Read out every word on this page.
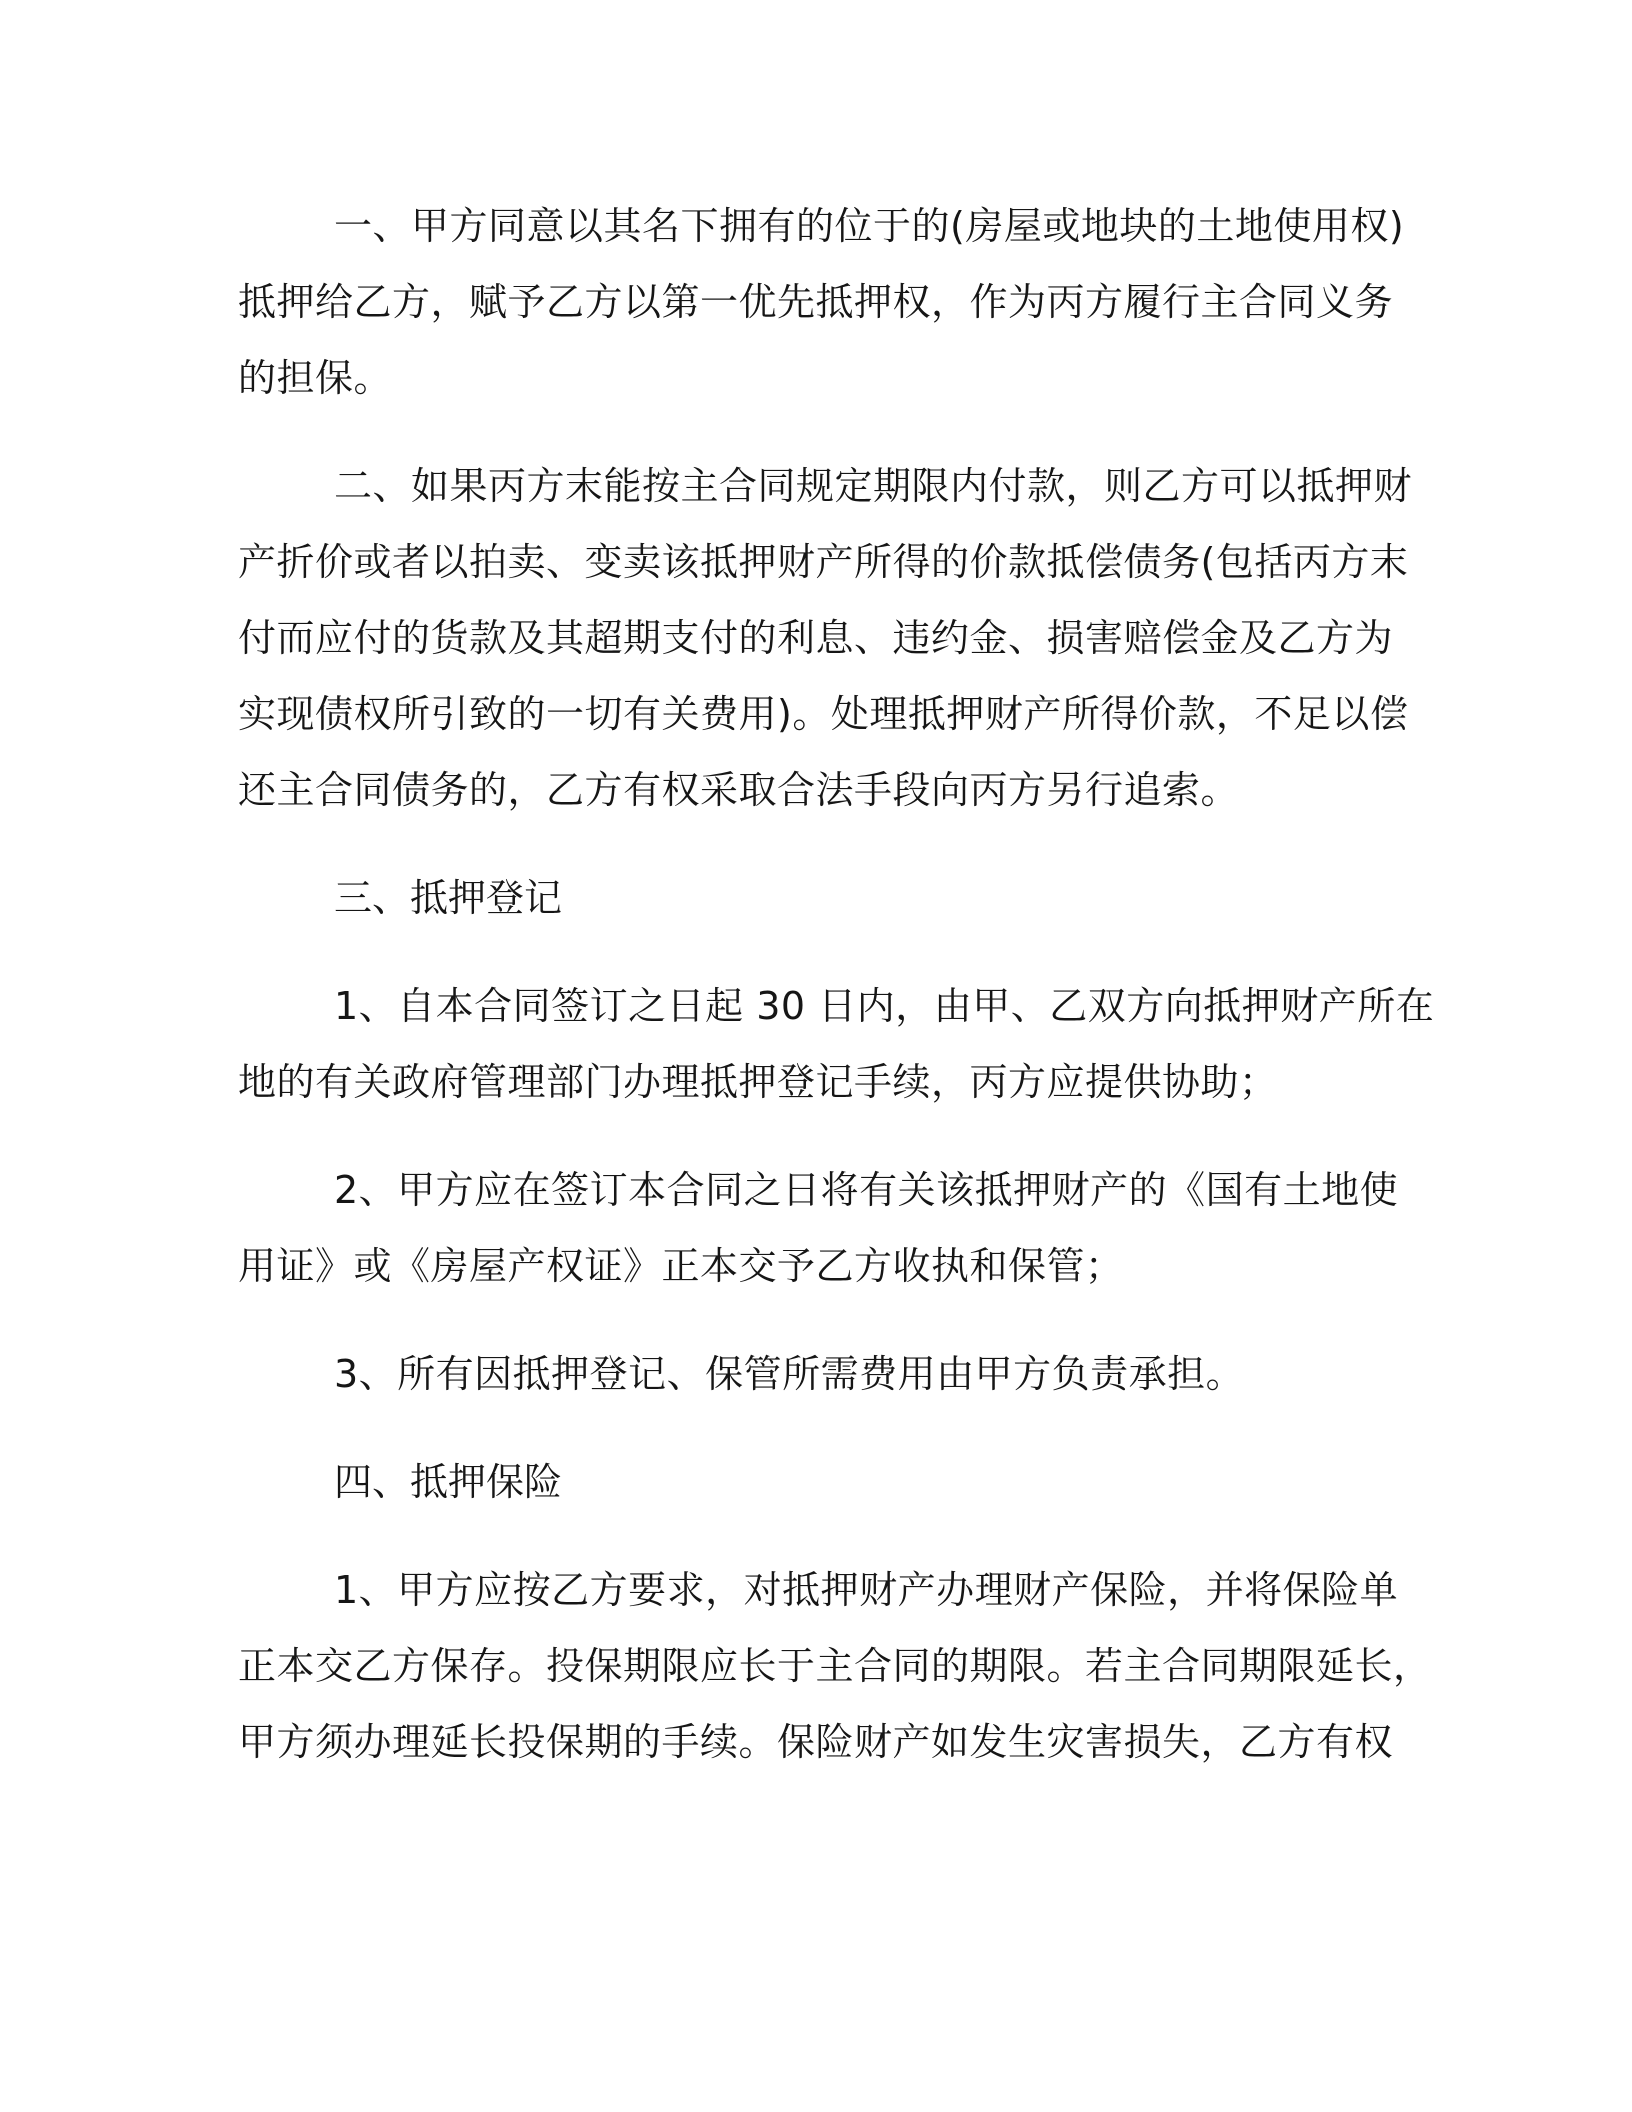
一、甲方同意以其名下拥有的位于的(房屋或地块的土地使用权)
抵押给乙方，赋予乙方以第一优先抵押权，作为丙方履行主合同义务
的担保。

二、如果丙方末能按主合同规定期限内付款，则乙方可以抵押财
产折价或者以拍卖、变卖该抵押财产所得的价款抵偿债务(包括丙方末
付而应付的货款及其超期支付的利息、违约金、损害赔偿金及乙方为
实现债权所引致的一切有关费用)。处理抵押财产所得价款，不足以偿
还主合同债务的，乙方有权采取合法手段向丙方另行追索。

三、抵押登记

1、自本合同签订之日起 30 日内，由甲、乙双方向抵押财产所在
地的有关政府管理部门办理抵押登记手续，丙方应提供协助；

2、甲方应在签订本合同之日将有关该抵押财产的《国有土地使
用证》或《房屋产权证》正本交予乙方收执和保管；

3、所有因抵押登记、保管所需费用由甲方负责承担。

四、抵押保险

1、甲方应按乙方要求，对抵押财产办理财产保险，并将保险单
正本交乙方保存。投保期限应长于主合同的期限。若主合同期限延长，
甲方须办理延长投保期的手续。保险财产如发生灾害损失，乙方有权
